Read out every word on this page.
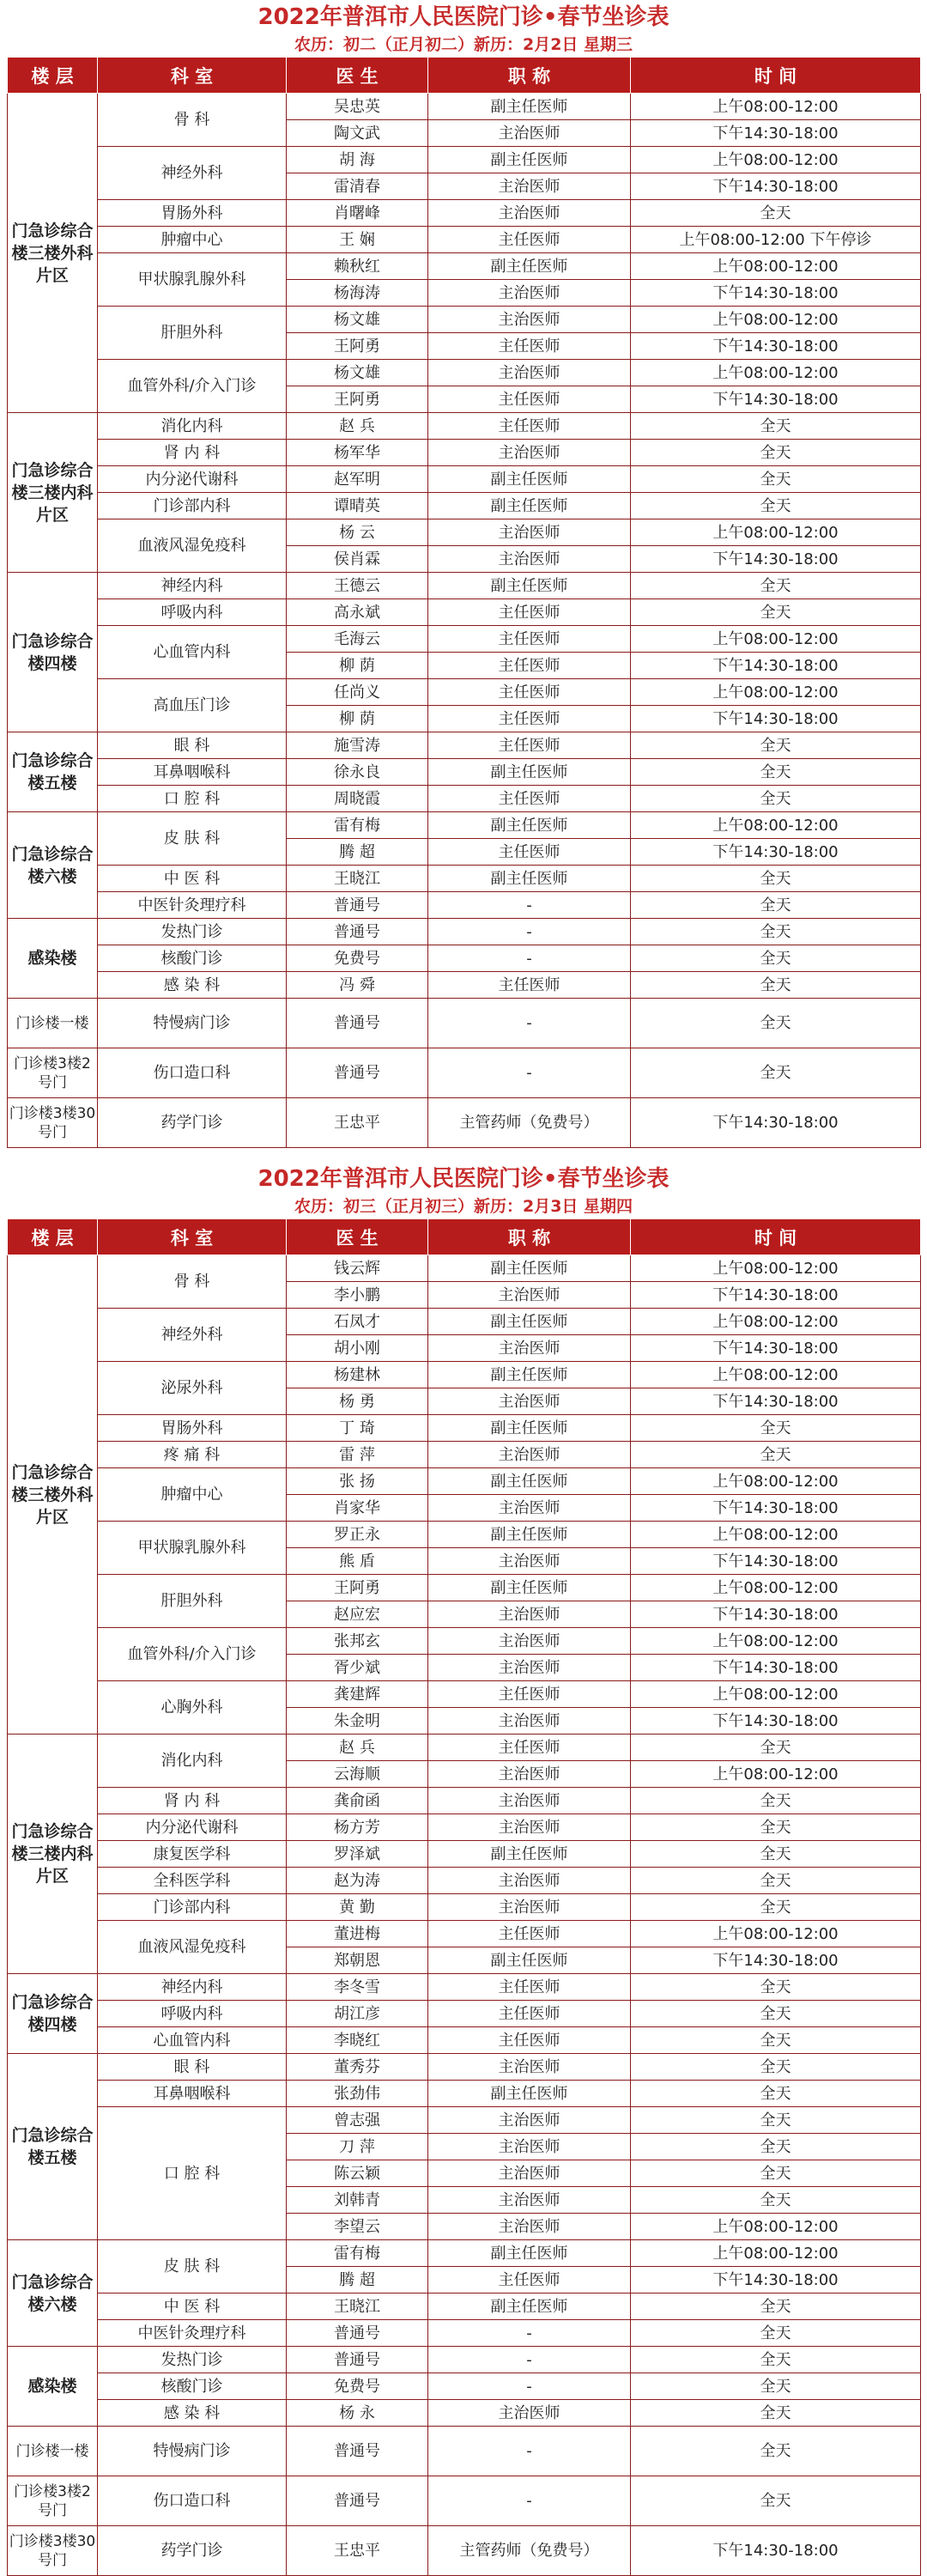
2022年普洱市人民医院门诊•春节坐诊表
农历：初二（正月初二）新历：2月2日 星期三
楼 层	科 室	医 生	职 称	时 间
门急诊综合楼三楼外科片区	骨 科	吴忠英	副主任医师	上午08:00-12:00
		陶文武	主治医师	下午14:30-18:00
	神经外科	胡 海	副主任医师	上午08:00-12:00
		雷清春	主治医师	下午14:30-18:00
	胃肠外科	肖曙峰	主治医师	全天
	肿瘤中心	王 娴	主任医师	上午08:00-12:00 下午停诊
	甲状腺乳腺外科	赖秋红	副主任医师	上午08:00-12:00
		杨海涛	主治医师	下午14:30-18:00
	肝胆外科	杨文雄	主治医师	上午08:00-12:00
		王阿勇	主任医师	下午14:30-18:00
	血管外科/介入门诊	杨文雄	主治医师	上午08:00-12:00
		王阿勇	主任医师	下午14:30-18:00
门急诊综合楼三楼内科片区	消化内科	赵 兵	主任医师	全天
	肾 内 科	杨军华	主治医师	全天
	内分泌代谢科	赵军明	副主任医师	全天
	门诊部内科	谭晴英	副主任医师	全天
	血液风湿免疫科	杨 云	主治医师	上午08:00-12:00
		侯肖霖	主治医师	下午14:30-18:00
门急诊综合楼四楼	神经内科	王德云	副主任医师	全天
	呼吸内科	高永斌	主任医师	全天
	心血管内科	毛海云	主任医师	上午08:00-12:00
		柳 荫	主任医师	下午14:30-18:00
	高血压门诊	任尚义	主任医师	上午08:00-12:00
		柳 荫	主任医师	下午14:30-18:00
门急诊综合楼五楼	眼 科	施雪涛	主任医师	全天
	耳鼻咽喉科	徐永良	副主任医师	全天
	口 腔 科	周晓霞	主任医师	全天
门急诊综合楼六楼	皮 肤 科	雷有梅	副主任医师	上午08:00-12:00
		腾 超	主任医师	下午14:30-18:00
	中 医 科	王晓江	副主任医师	全天
	中医针灸理疗科	普通号	-	全天
感染楼	发热门诊	普通号	-	全天
	核酸门诊	免费号	-	全天
	感 染 科	冯 舜	主任医师	全天
门诊楼一楼	特慢病门诊	普通号	-	全天
门诊楼3楼2号门	伤口造口科	普通号	-	全天
门诊楼3楼30号门	药学门诊	王忠平	主管药师（免费号）	下午14:30-18:00
2022年普洱市人民医院门诊•春节坐诊表
农历：初三（正月初三）新历：2月3日 星期四
楼 层	科 室	医 生	职 称	时 间
门急诊综合楼三楼外科片区	骨 科	钱云辉	副主任医师	上午08:00-12:00
		李小鹏	主治医师	下午14:30-18:00
	神经外科	石凤才	副主任医师	上午08:00-12:00
		胡小刚	主治医师	下午14:30-18:00
	泌尿外科	杨建林	副主任医师	上午08:00-12:00
		杨 勇	主治医师	下午14:30-18:00
	胃肠外科	丁 琦	副主任医师	全天
	疼 痛 科	雷 萍	主治医师	全天
	肿瘤中心	张 扬	副主任医师	上午08:00-12:00
		肖家华	主治医师	下午14:30-18:00
	甲状腺乳腺外科	罗正永	副主任医师	上午08:00-12:00
		熊 盾	主治医师	下午14:30-18:00
	肝胆外科	王阿勇	副主任医师	上午08:00-12:00
		赵应宏	主治医师	下午14:30-18:00
	血管外科/介入门诊	张邦玄	主治医师	上午08:00-12:00
		胥少斌	主治医师	下午14:30-18:00
	心胸外科	龚建辉	主任医师	上午08:00-12:00
		朱金明	主治医师	下午14:30-18:00
门急诊综合楼三楼内科片区	消化内科	赵 兵	主任医师	全天
		云海顺	主治医师	上午08:00-12:00
	肾 内 科	龚俞函	主治医师	全天
	内分泌代谢科	杨方芳	主治医师	全天
	康复医学科	罗泽斌	副主任医师	全天
	全科医学科	赵为涛	主治医师	全天
	门诊部内科	黄 勤	主治医师	全天
	血液风湿免疫科	董进梅	主任医师	上午08:00-12:00
		郑朝恩	副主任医师	下午14:30-18:00
门急诊综合楼四楼	神经内科	李冬雪	主任医师	全天
	呼吸内科	胡江彦	主任医师	全天
	心血管内科	李晓红	主任医师	全天
门急诊综合楼五楼	眼 科	董秀芬	主治医师	全天
	耳鼻咽喉科	张劲伟	副主任医师	全天
	口 腔 科	曾志强	主治医师	全天
		刀 萍	主治医师	全天
		陈云颖	主治医师	全天
		刘韩青	主治医师	全天
		李望云	主治医师	上午08:00-12:00
门急诊综合楼六楼	皮 肤 科	雷有梅	副主任医师	上午08:00-12:00
		腾 超	主任医师	下午14:30-18:00
	中 医 科	王晓江	副主任医师	全天
	中医针灸理疗科	普通号	-	全天
感染楼	发热门诊	普通号	-	全天
	核酸门诊	免费号	-	全天
	感 染 科	杨 永	主治医师	全天
门诊楼一楼	特慢病门诊	普通号	-	全天
门诊楼3楼2号门	伤口造口科	普通号	-	全天
门诊楼3楼30号门	药学门诊	王忠平	主管药师（免费号）	下午14:30-18:00
